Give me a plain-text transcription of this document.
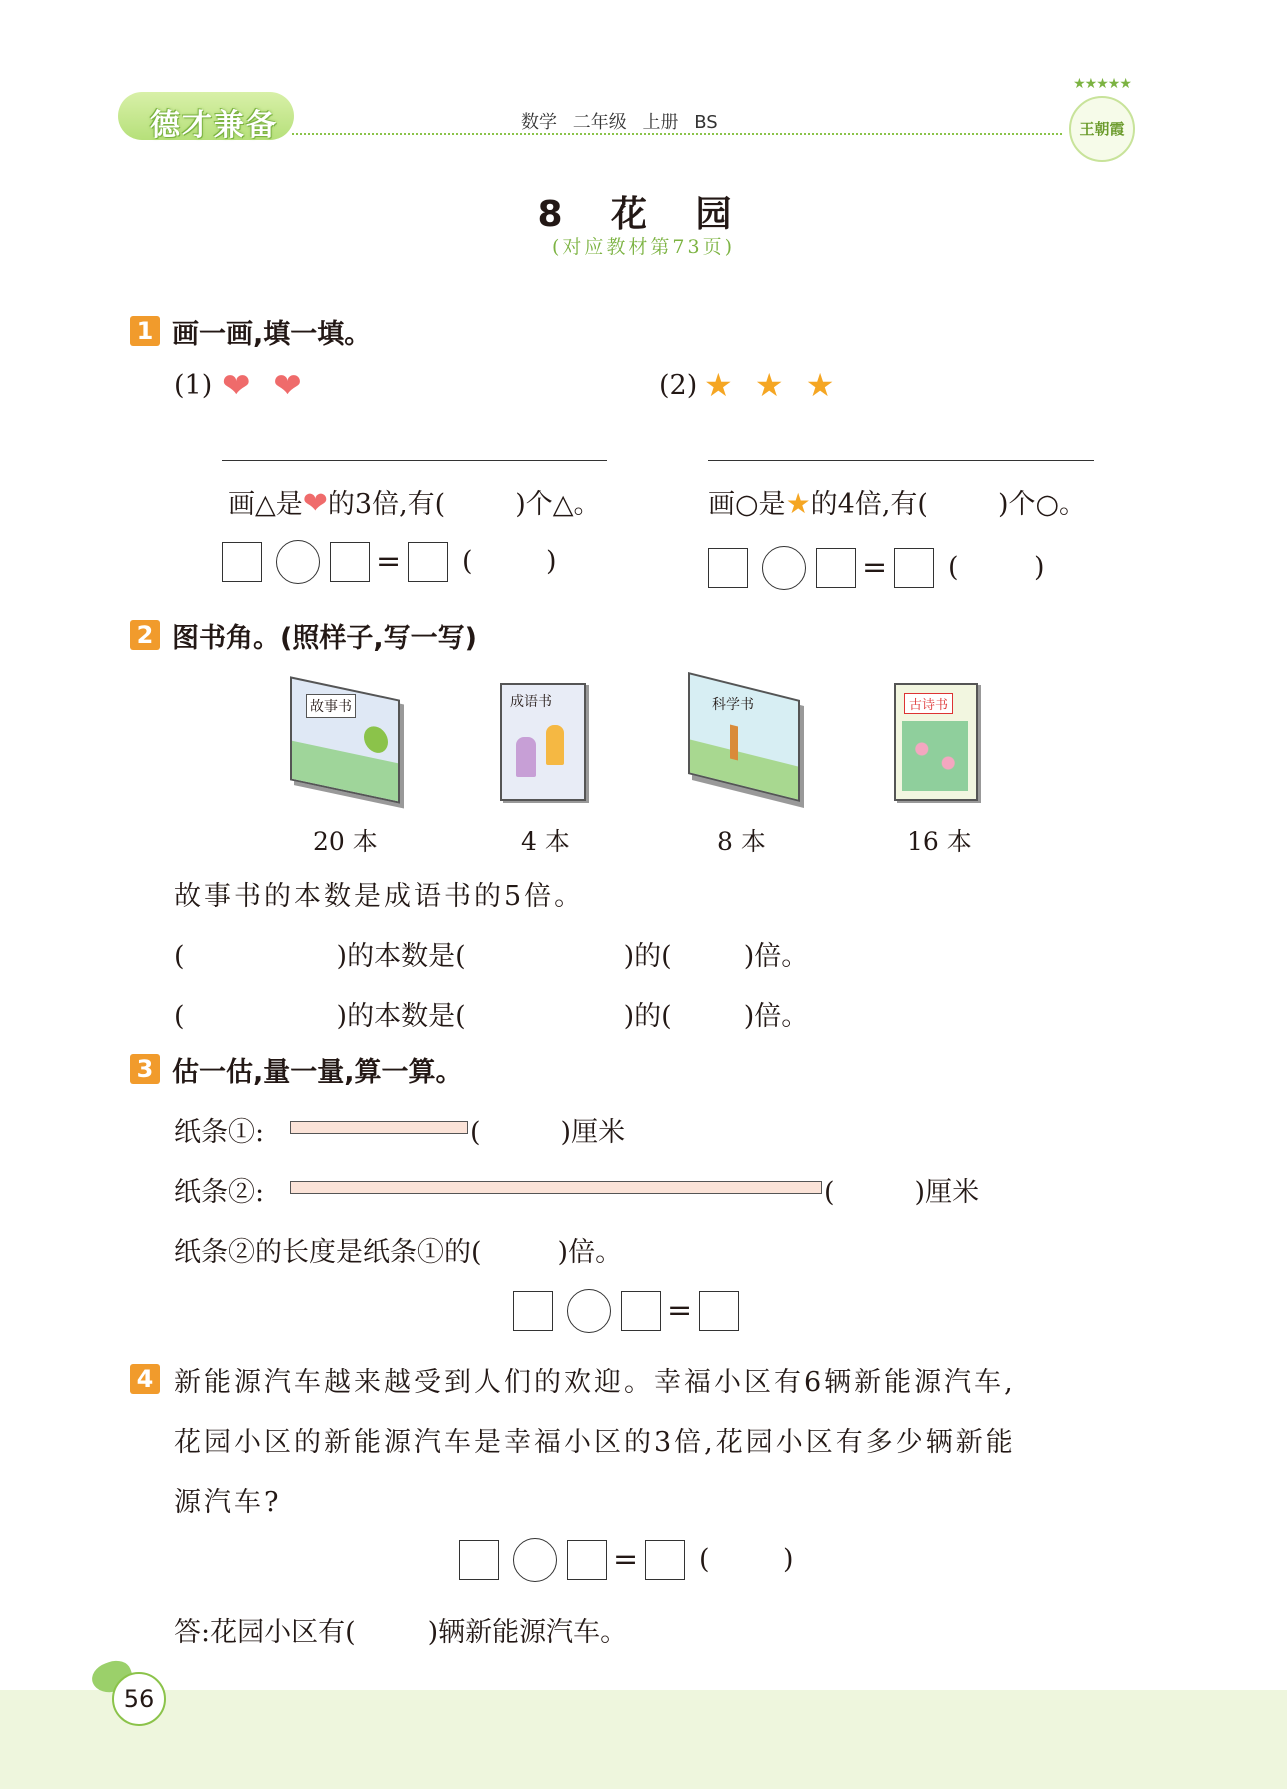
德才兼备	数学 二年级 上册 BS
★★★★★
王朝霞
8 花 园
(对应教材第73页)
1 画一画,填一填。
(1) ❤ ❤	(2) ★ ★ ★
画△是❤的3倍,有(	)个△。	画○是★的4倍,有(	)个○。
= (	)	= (	)
2 图书角。(照样子,写一写)
故事书	成语书	科学书	古诗书
20 本	4 本	8 本	16 本
故事书的本数是成语书的5倍。
(	)的本数是(	)的(	)倍。
(	)的本数是(	)的(	)倍。
3 估一估,量一量,算一算。
纸条①:	(	)厘米
纸条②:	(	)厘米
纸条②的长度是纸条①的(	)倍。
=
4 新能源汽车越来越受到人们的欢迎。幸福小区有6辆新能源汽车,
花园小区的新能源汽车是幸福小区的3倍,花园小区有多少辆新能
源汽车?
= (	)
答:花园小区有(	)辆新能源汽车。
56
